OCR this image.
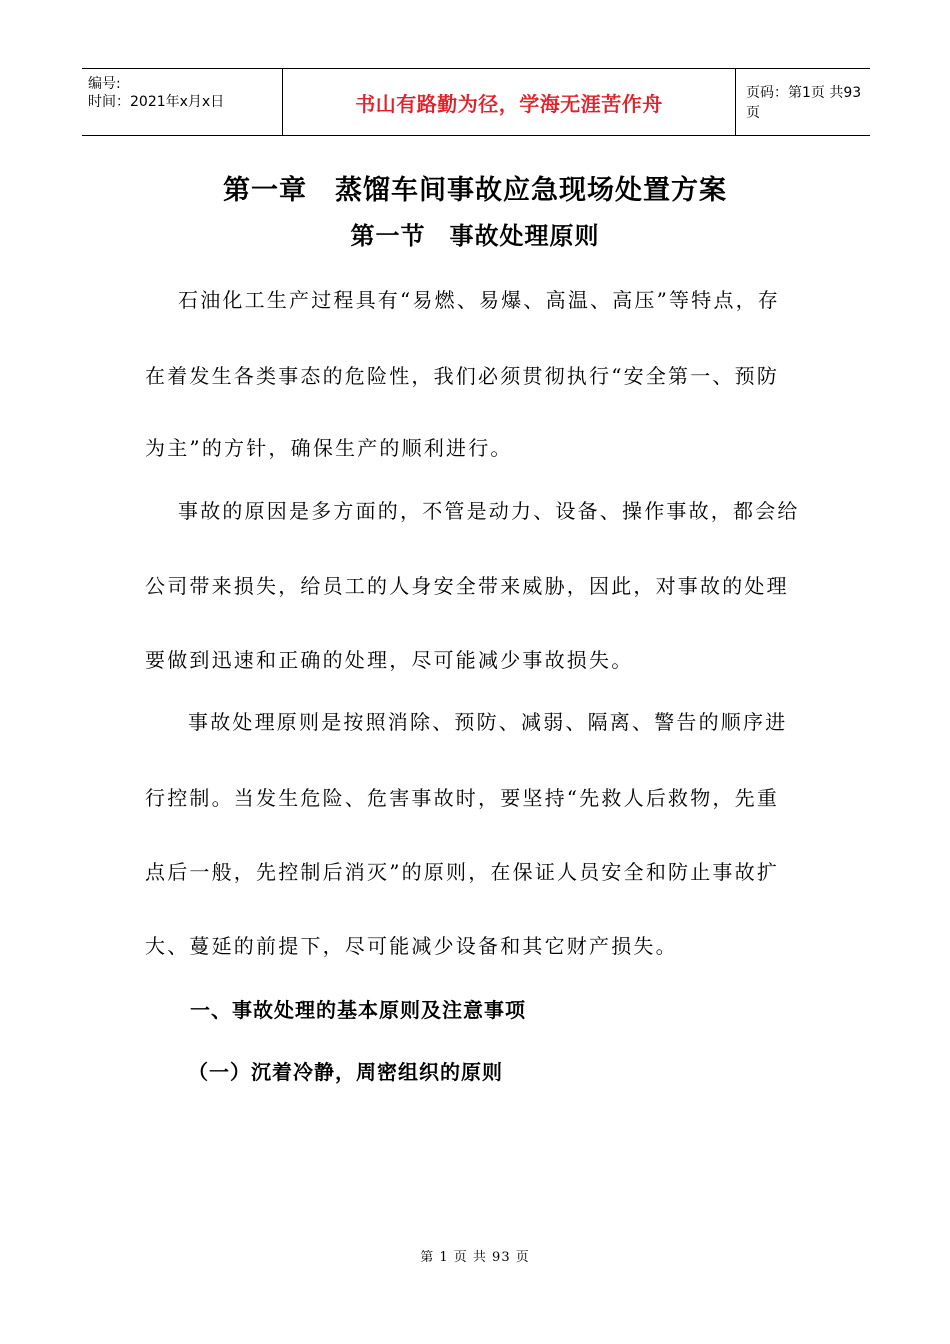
编号:
时间：2021年x月x日	书山有路勤为径，学海无涯苦作舟	页码：第1页 共93页
第一章 蒸馏车间事故应急现场处置方案
第一节 事故处理原则
石油化工生产过程具有“易燃、易爆、高温、高压”等特点，存
在着发生各类事态的危险性，我们必须贯彻执行“安全第一、预防
为主”的方针，确保生产的顺利进行。
事故的原因是多方面的，不管是动力、设备、操作事故，都会给
公司带来损失，给员工的人身安全带来威胁，因此，对事故的处理
要做到迅速和正确的处理，尽可能减少事故损失。
事故处理原则是按照消除、预防、减弱、隔离、警告的顺序进
行控制。当发生危险、危害事故时，要坚持“先救人后救物，先重
点后一般，先控制后消灭”的原则，在保证人员安全和防止事故扩
大、蔓延的前提下，尽可能减少设备和其它财产损失。
一、事故处理的基本原则及注意事项
（一）沉着冷静，周密组织的原则
第 1 页 共 93 页
